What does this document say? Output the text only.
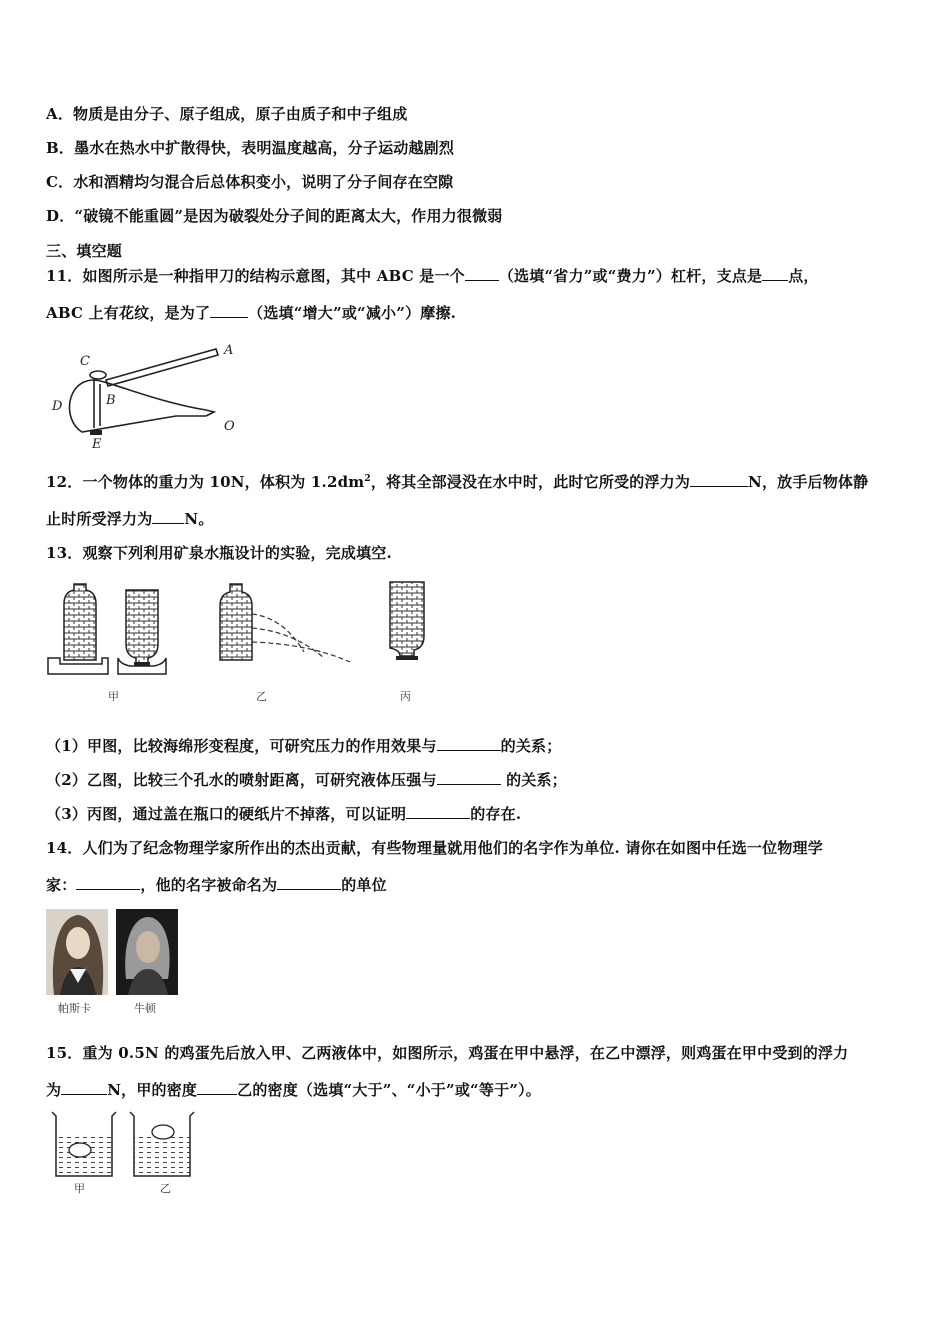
A．物质是由分子、原子组成，原子由质子和中子组成
B．墨水在热水中扩散得快，表明温度越高，分子运动越剧烈
C．水和酒精均匀混合后总体积变小，说明了分子间存在空隙
D．“破镜不能重圆”是因为破裂处分子间的距离太大，作用力很微弱
三、填空题
11．如图所示是一种指甲刀的结构示意图，其中 ABC 是一个 （选填“省力”或“费力”）杠杆，支点是 点，
ABC 上有花纹，是为了	（选填“增大”或“减小”）摩擦.
C
A
B
D
E
O
12．一个物体的重力为 10N，体积为 $1.2dm^2$，将其全部浸没在水中时，此时它所受的浮力为	N，放手后物体静
止时所受浮力为 N。
13．观察下列利用矿泉水瓶设计的实验，完成填空.
甲	乙	丙
（1）甲图，比较海绵形变程度，可研究压力的作用效果与	的关系；
（2）乙图，比较三个孔水的喷射距离，可研究液体压强与	的关系；
（3）丙图，通过盖在瓶口的硬纸片不掉落，可以证明	的存在.
14．人们为了纪念物理学家所作出的杰出贡献，有些物理量就用他们的名字作为单位. 请你在如图中任选一位物理学
家：	，他的名字被命名为	的单位
帕斯卡	牛顿
15．重为 0.5N 的鸡蛋先后放入甲、乙两液体中，如图所示，鸡蛋在甲中悬浮，在乙中漂浮，则鸡蛋在甲中受到的浮力
为	N，甲的密度	乙的密度（选填“大于”、“小于”或“等于”）。
甲	乙
